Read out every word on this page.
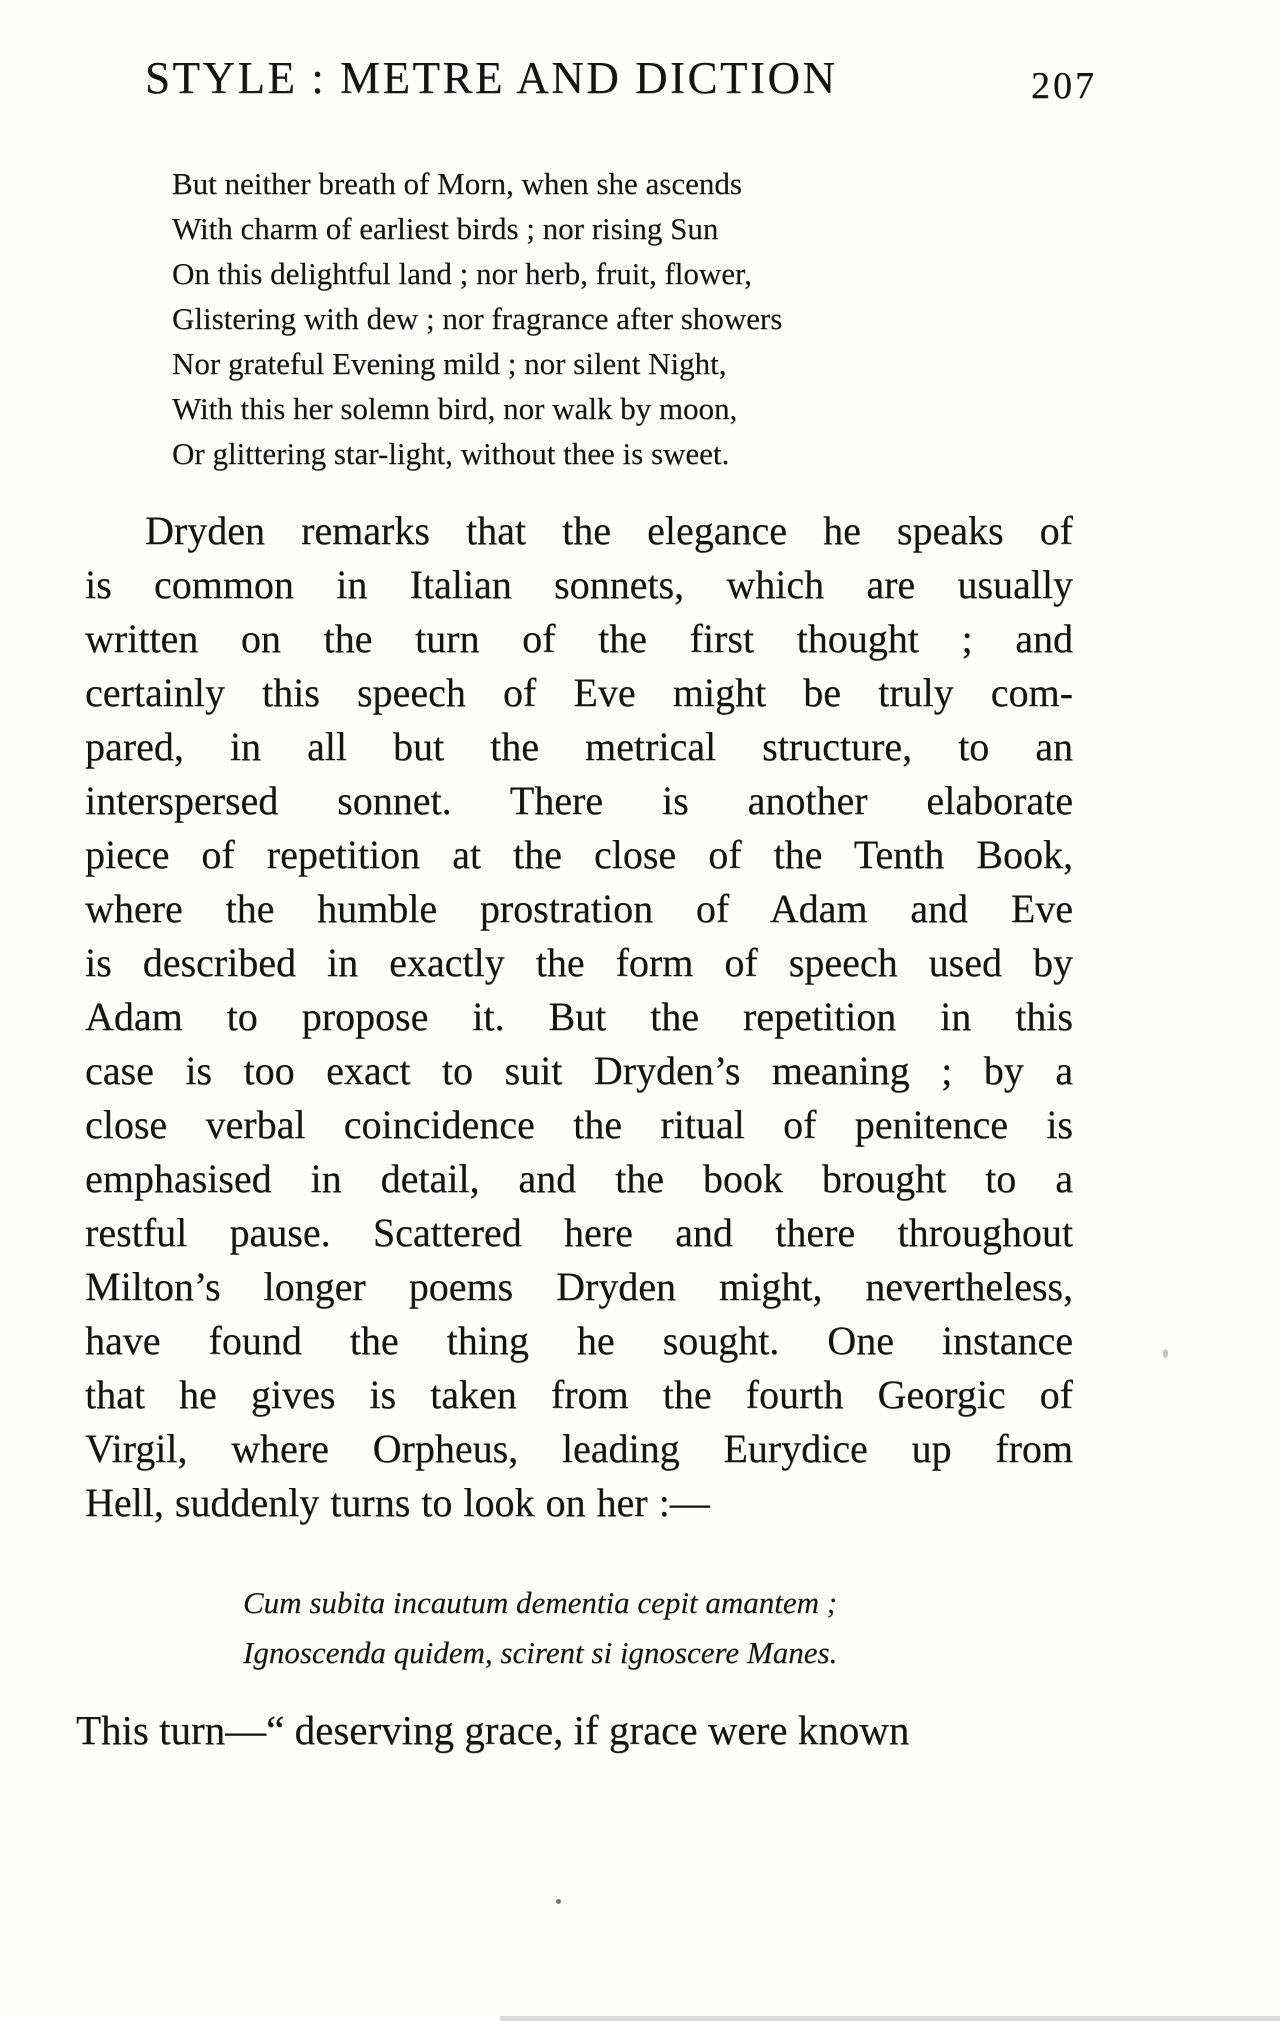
STYLE : METRE AND DICTION	207
But neither breath of Morn, when she ascends
With charm of earliest birds ; nor rising Sun
On this delightful land ; nor herb, fruit, flower,
Glistering with dew ; nor fragrance after showers
Nor grateful Evening mild ; nor silent Night,
With this her solemn bird, nor walk by moon,
Or glittering star-light, without thee is sweet.
Dryden remarks that the elegance he speaks of
is common in Italian sonnets, which are usually
written on the turn of the first thought ; and
certainly this speech of Eve might be truly com-
pared, in all but the metrical structure, to an
interspersed sonnet. There is another elaborate
piece of repetition at the close of the Tenth Book,
where the humble prostration of Adam and Eve
is described in exactly the form of speech used by
Adam to propose it. But the repetition in this
case is too exact to suit Dryden’s meaning ; by a
close verbal coincidence the ritual of penitence is
emphasised in detail, and the book brought to a
restful pause. Scattered here and there throughout
Milton’s longer poems Dryden might, nevertheless,
have found the thing he sought. One instance
that he gives is taken from the fourth Georgic of
Virgil, where Orpheus, leading Eurydice up from
Hell, suddenly turns to look on her :—
Cum subita incautum dementia cepit amantem ;
Ignoscenda quidem, scirent si ignoscere Manes.
This turn—“ deserving grace, if grace were known
